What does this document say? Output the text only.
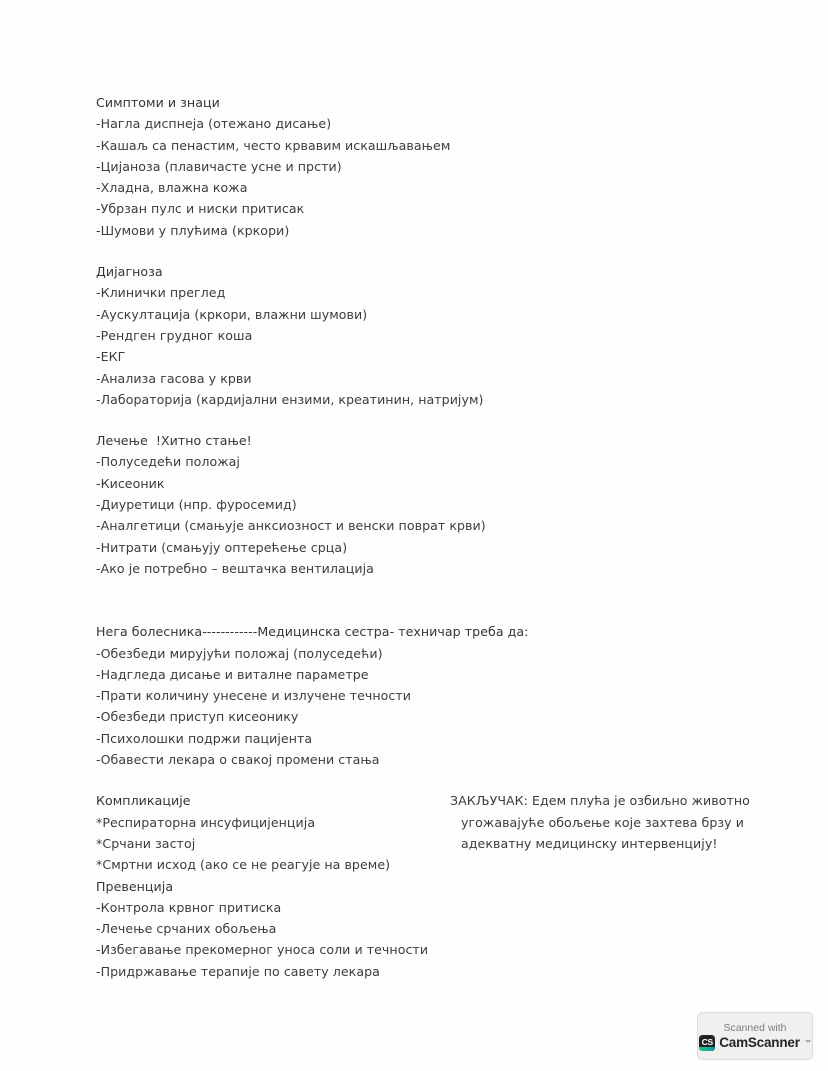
Симптоми и знаци
-Нагла диспнеја (отежано дисање)
-Кашаљ са пенастим, често крвавим искашљавањем
-Цијаноза (плавичасте усне и прсти)
-Хладна, влажна кожа
-Убрзан пулс и ниски притисак
-Шумови у плућима (кркори)
Дијагноза
-Клинички преглед
-Аускултација (кркори, влажни шумови)
-Рендген грудног коша
-ЕКГ
-Анализа гасова у крви
-Лабораторија (кардијални ензими, креатинин, натријум)
Лечење  !Хитно стање!
-Полуседећи положај
-Кисеоник
-Диуретици (нпр. фуросемид)
-Аналгетици (смањује анксиозност и венски поврат крви)
-Нитрати (смањују оптерећење срца)
-Ако је потребно – вештачка вентилација
Нега болесника------------Медицинска сестра- техничар треба да:
-Обезбеди мирујући положај (полуседећи)
-Надгледа дисање и виталне параметре
-Прати количину унесене и излучене течности
-Обезбеди приступ кисеонику
-Психолошки подржи пацијента
-Обавести лекара о свакој промени стања
Компликације
*Респираторна инсуфицијенција
*Срчани застој
*Смртни исход (ако се не реагује на време)
Превенција
-Контрола крвног притиска
-Лечење срчаних обољења
-Избегавање прекомерног уноса соли и течности
-Придржавање терапије по савету лекара
ЗАКЉУЧАК: Едем плућа је озбиљно животно
угожавајуће обољење које захтева брзу и
адекватну медицинску интервенцију!
Scanned with
CS CamScanner ™
